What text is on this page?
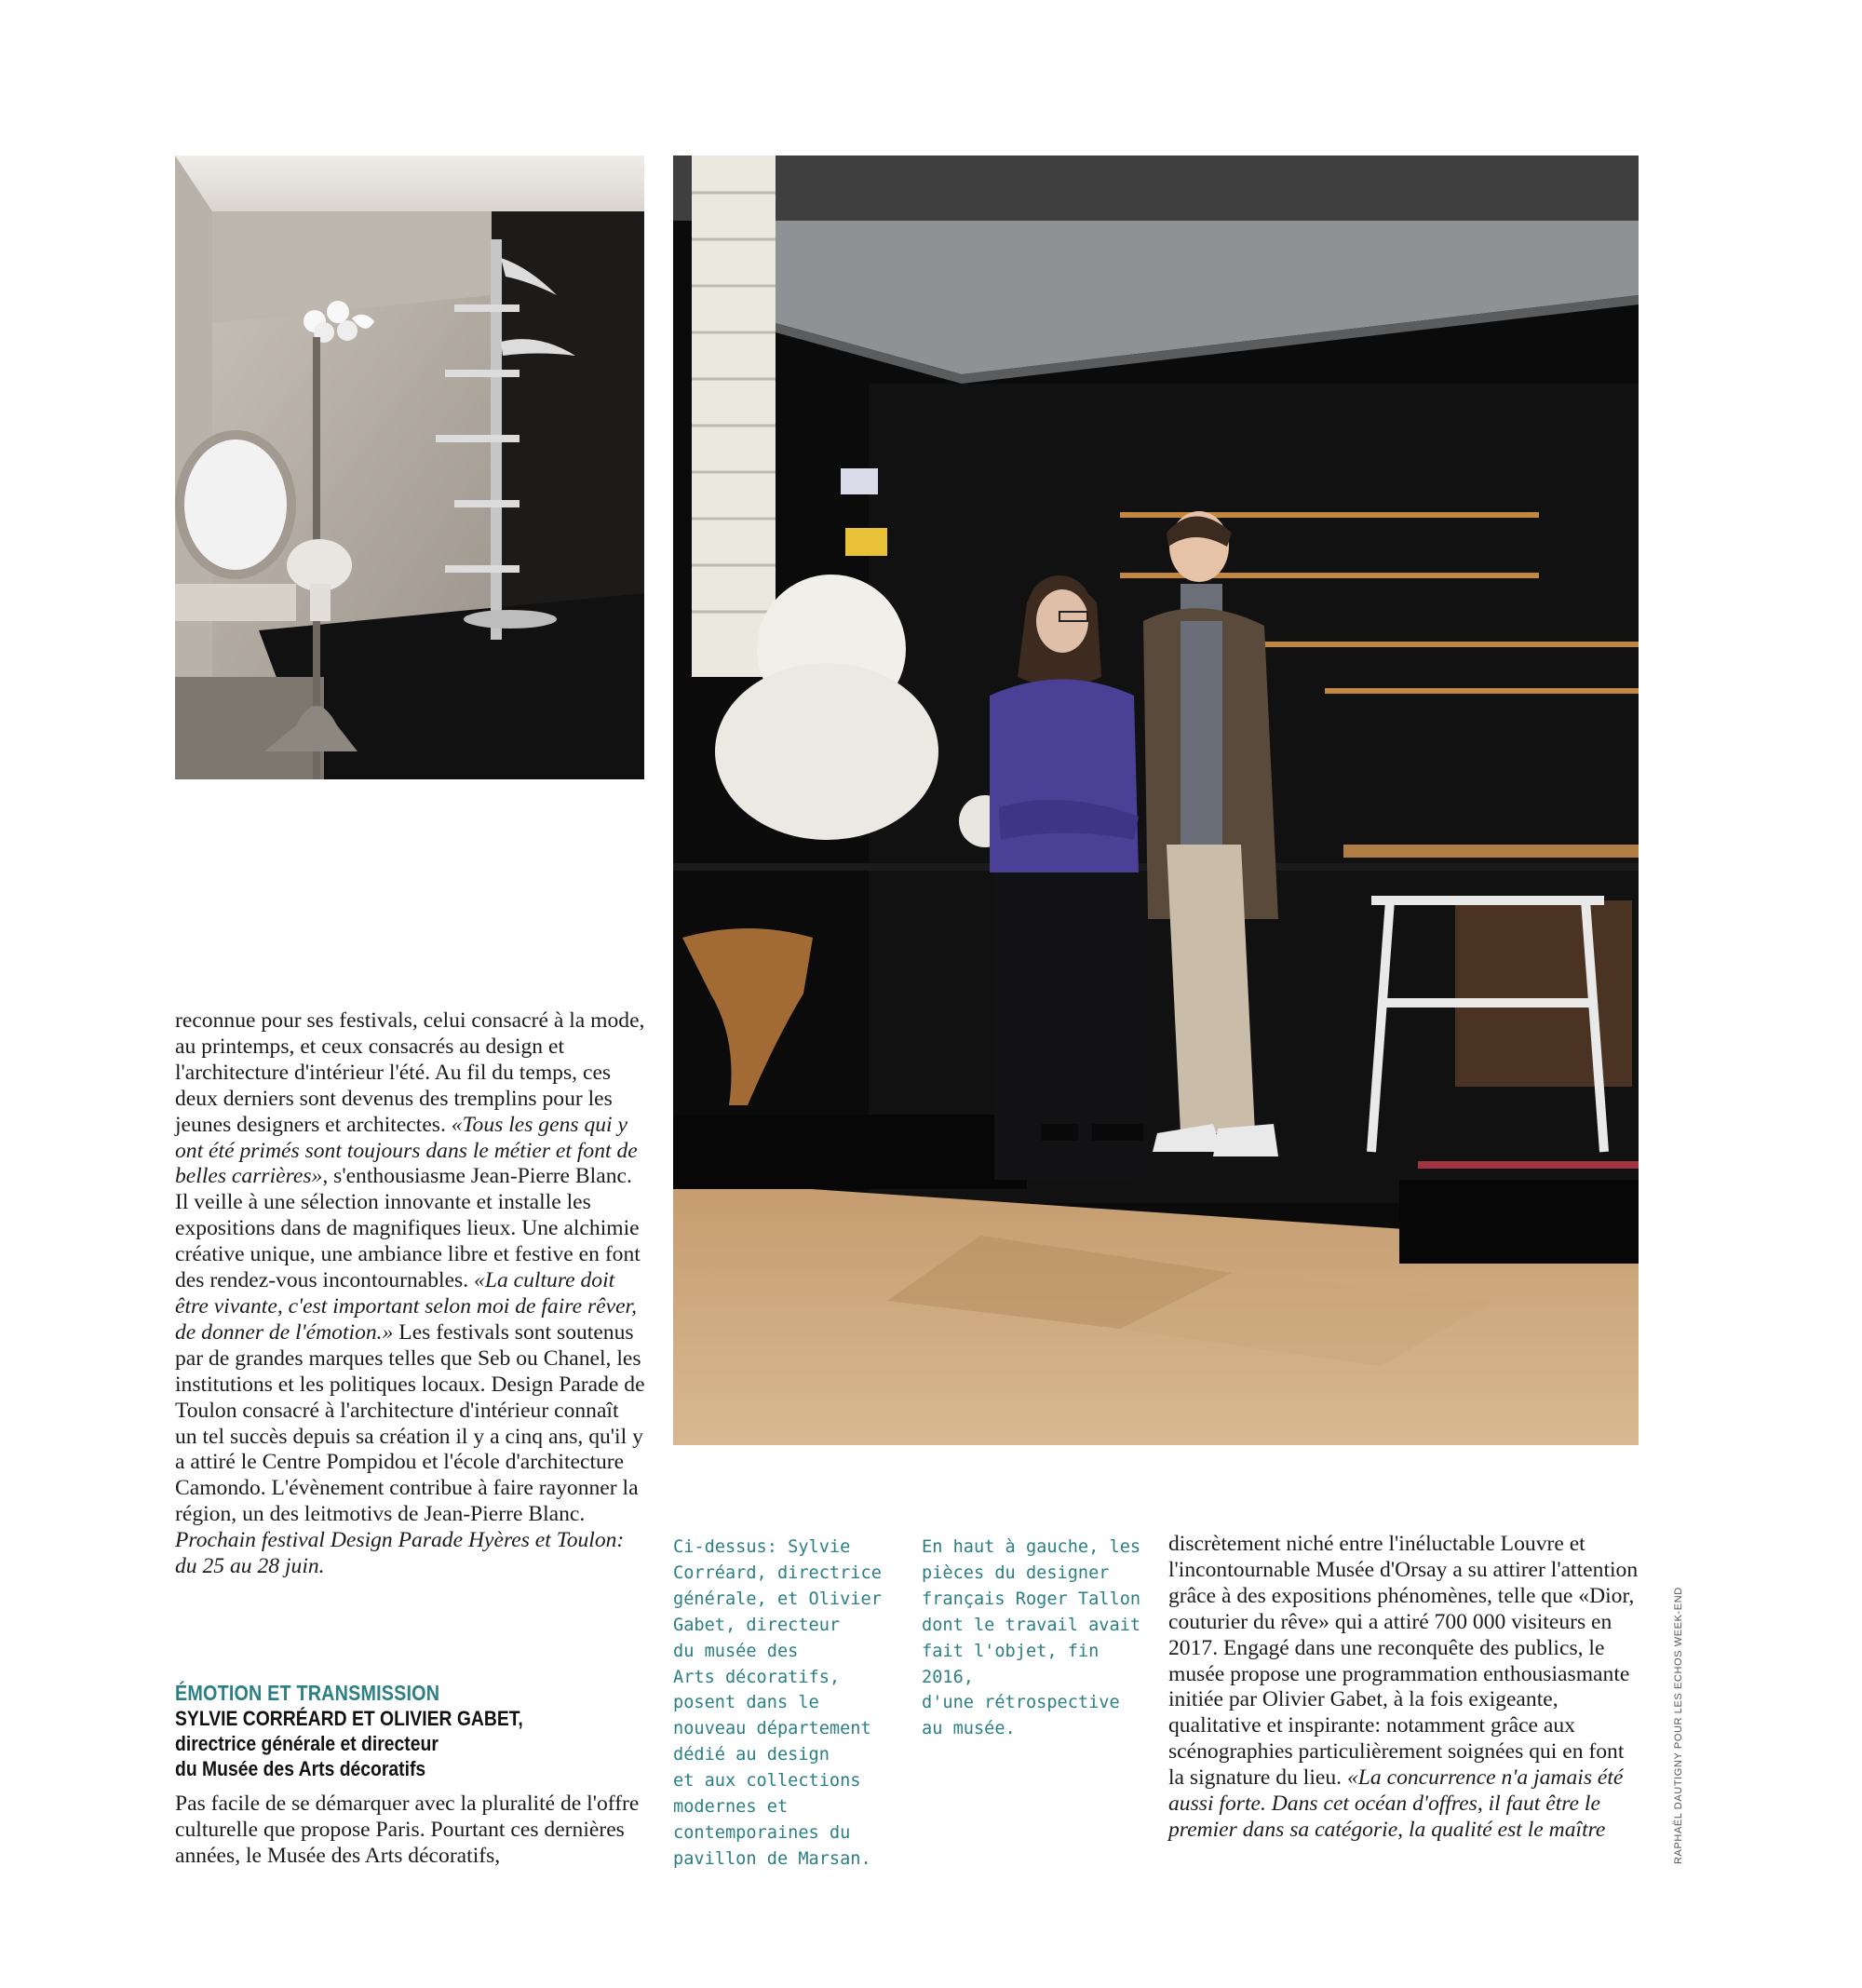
reconnue pour ses festivals, celui consacré à la mode, au printemps, et ceux consacrés au design et l'architecture d'intérieur l'été. Au fil du temps, ces deux derniers sont devenus des tremplins pour les jeunes designers et architectes. «Tous les gens qui y ont été primés sont toujours dans le métier et font de belles carrières», s'enthousiasme Jean-Pierre Blanc. Il veille à une sélection innovante et installe les expositions dans de magnifiques lieux. Une alchimie créative unique, une ambiance libre et festive en font des rendez-vous incontournables. «La culture doit être vivante, c'est important selon moi de faire rêver, de donner de l'émotion.» Les festivals sont soutenus par de grandes marques telles que Seb ou Chanel, les institutions et les politiques locaux. Design Parade de Toulon consacré à l'architecture d'intérieur connaît un tel succès depuis sa création il y a cinq ans, qu'il y a attiré le Centre Pompidou et l'école d'architecture Camondo. L'évènement contribue à faire rayonner la région, un des leitmotivs de Jean-Pierre Blanc.

Prochain festival Design Parade Hyères et Toulon: du 25 au 28 juin.

ÉMOTION ET TRANSMISSION

SYLVIE CORRÉARD ET OLIVIER GABET,

directrice générale et directeur

du Musée des Arts décoratifs

Pas facile de se démarquer avec la pluralité de l'offre culturelle que propose Paris. Pourtant ces dernières années, le Musée des Arts décoratifs,

Ci-dessus: Sylvie
Corréard, directrice
générale, et Olivier
Gabet, directeur
du musée des
Arts décoratifs,
posent dans le
nouveau département
dédié au design
et aux collections
modernes et
contemporaines du
pavillon de Marsan.

En haut à gauche, les
pièces du designer
français Roger Tallon
dont le travail avait
fait l'objet, fin 2016,
d'une rétrospective
au musée.

discrètement niché entre l'inéluctable Louvre et l'incontournable Musée d'Orsay a su attirer l'attention grâce à des expositions phénomènes, telle que «Dior, couturier du rêve» qui a attiré 700 000 visiteurs en 2017. Engagé dans une reconquête des publics, le musée propose une programmation enthousiasmante initiée par Olivier Gabet, à la fois exigeante, qualitative et inspirante: notamment grâce aux scénographies particulièrement soignées qui en font la signature du lieu. «La concurrence n'a jamais été aussi forte. Dans cet océan d'offres, il faut être le premier dans sa catégorie, la qualité est le maître	RAPHAËL DAUTIGNY POUR LES ECHOS WEEK-END
